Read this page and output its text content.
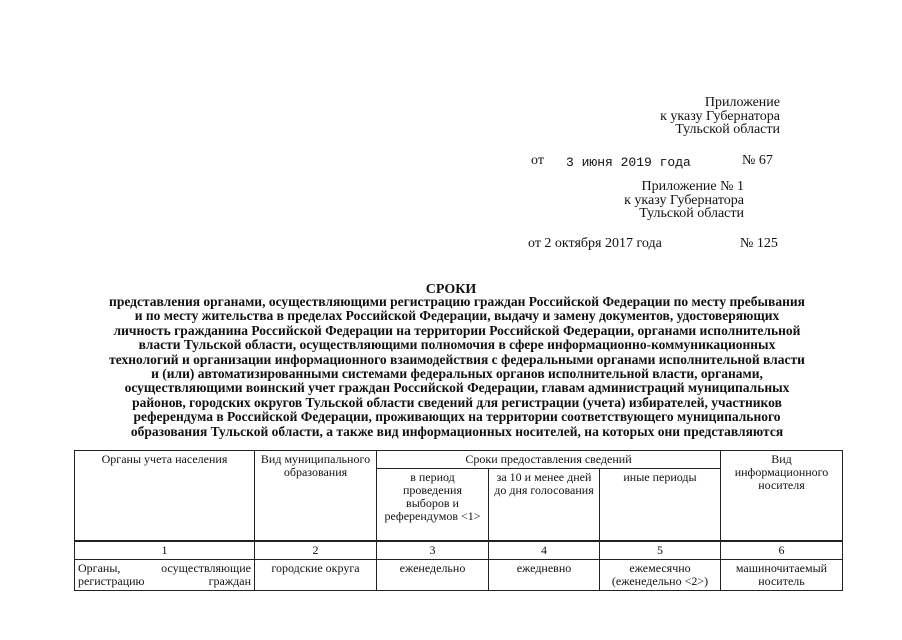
Приложение
к указу Губернатора
Тульской области
от 3 июня 2019 года	№ 67
Приложение № 1
к указу Губернатора
Тульской области
от 2 октября 2017 года	№ 125
СРОКИ
представления органами, осуществляющими регистрацию граждан Российской Федерации по месту пребывания
и по месту жительства в пределах Российской Федерации, выдачу и замену документов, удостоверяющих
личность гражданина Российской Федерации на территории Российской Федерации, органами исполнительной
власти Тульской области, осуществляющими полномочия в сфере информационно-коммуникационных
технологий и организации информационного взаимодействия с федеральными органами исполнительной власти
и (или) автоматизированными системами федеральных органов исполнительной власти, органами,
осуществляющими воинский учет граждан Российской Федерации, главам администраций муниципальных
районов, городских округов Тульской области сведений для регистрации (учета) избирателей, участников
референдума в Российской Федерации, проживающих на территории соответствующего муниципального
образования Тульской области, а также вид информационных носителей, на которых они представляются
Органы учета населения	Вид муниципального образования	Сроки предоставления сведений			Вид информационного носителя
		в период проведения выборов и референдумов <1>	за 10 и менее дней до дня голосования	иные периоды	
1	2	3	4	5	6
Органы, осуществляющие регистрацию граждан	городские округа	еженедельно	ежедневно	ежемесячно (еженедельно <2>)	машиночитаемый носитель
